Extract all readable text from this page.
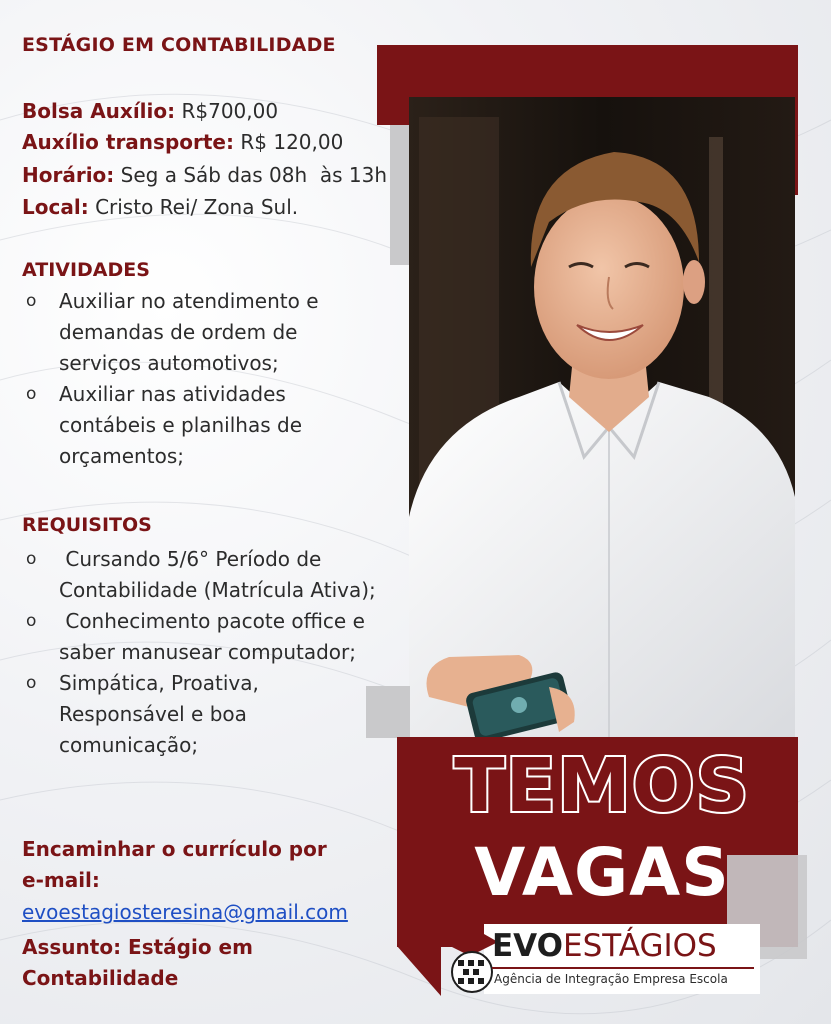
ESTÁGIO EM CONTABILIDADE
Bolsa Auxílio: R$700,00
Auxílio transporte: R$ 120,00
Horário: Seg a Sáb das 08h  às 13h
Local: Cristo Rei/ Zona Sul.
ATIVIDADES
o Auxiliar no atendimento e demandas de ordem de serviços automotivos;
o Auxiliar nas atividades contábeis e planilhas de orçamentos;
REQUISITOS
o Cursando 5/6° Período de Contabilidade (Matrícula Ativa);
o Conhecimento pacote office e saber manusear computador;
o Simpática, Proativa, Responsável e boa comunicação;
Encaminhar o currículo por
e-mail:
evoestagiosteresina@gmail.com
Assunto: Estágio em
Contabilidade
TEMOS
VAGAS
EVOESTÁGIOS
Agência de Integração Empresa Escola
